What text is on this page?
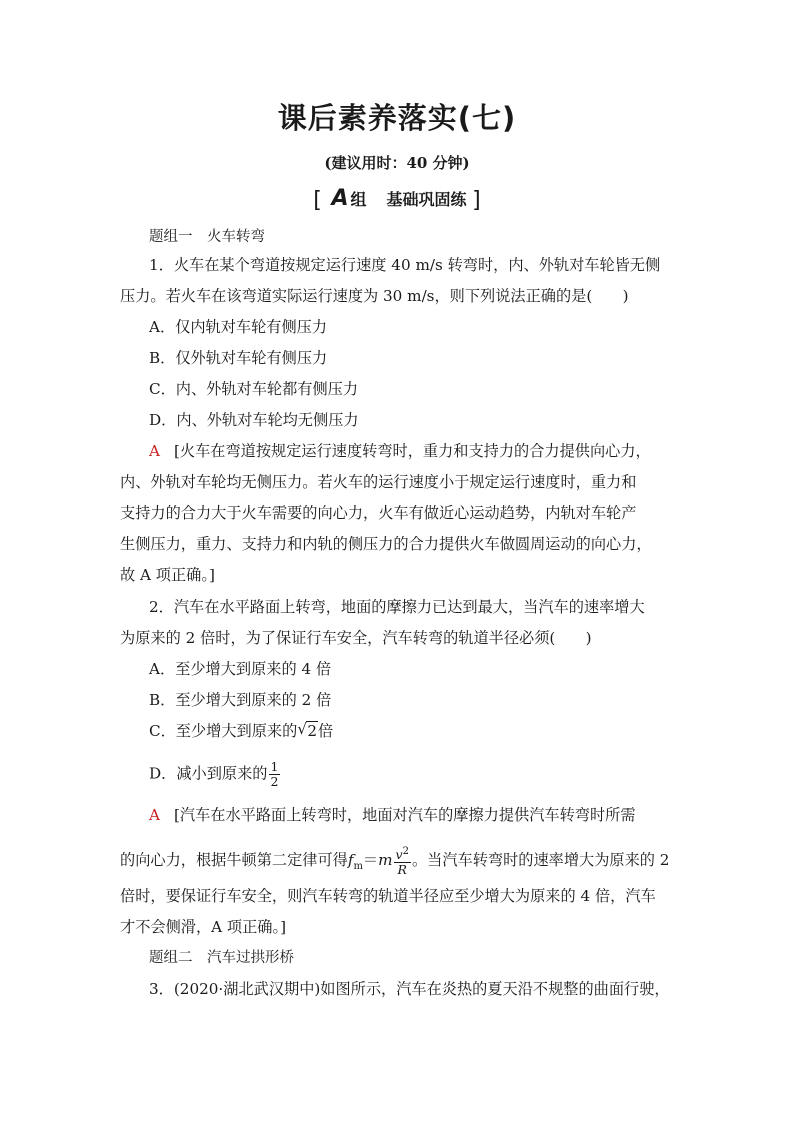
课后素养落实(七)
(建议用时：40 分钟)
[ A 组 基础巩固练 ]
题组一　火车转弯
1．火车在某个弯道按规定运行速度 40 m/s 转弯时，内、外轨对车轮皆无侧
压力。若火车在该弯道实际运行速度为 30 m/s，则下列说法正确的是(　　)
A．仅内轨对车轮有侧压力
B．仅外轨对车轮有侧压力
C．内、外轨对车轮都有侧压力
D．内、外轨对车轮均无侧压力
A [火车在弯道按规定运行速度转弯时，重力和支持力的合力提供向心力，
内、外轨对车轮均无侧压力。若火车的运行速度小于规定运行速度时，重力和
支持力的合力大于火车需要的向心力，火车有做近心运动趋势，内轨对车轮产
生侧压力，重力、支持力和内轨的侧压力的合力提供火车做圆周运动的向心力，
故 A 项正确。]
2．汽车在水平路面上转弯，地面的摩擦力已达到最大，当汽车的速率增大
为原来的 2 倍时，为了保证行车安全，汽车转弯的轨道半径必须(　　)
A．至少增大到原来的 4 倍
B．至少增大到原来的 2 倍
C．至少增大到原来的 √ 2倍
D．减小到原来的 $\frac{1}{2}$
A [汽车在水平路面上转弯时，地面对汽车的摩擦力提供汽车转弯时所需
的向心力，根据牛顿第二定律可得$f_m=m \frac{v^2}{R}$ 。当汽车转弯时的速率增大为原来的 2
倍时，要保证行车安全，则汽车转弯的轨道半径应至少增大为原来的 4 倍，汽车
才不会侧滑，A 项正确。]
题组二　汽车过拱形桥
3．(2020·湖北武汉期中)如图所示，汽车在炎热的夏天沿不规整的曲面行驶，
